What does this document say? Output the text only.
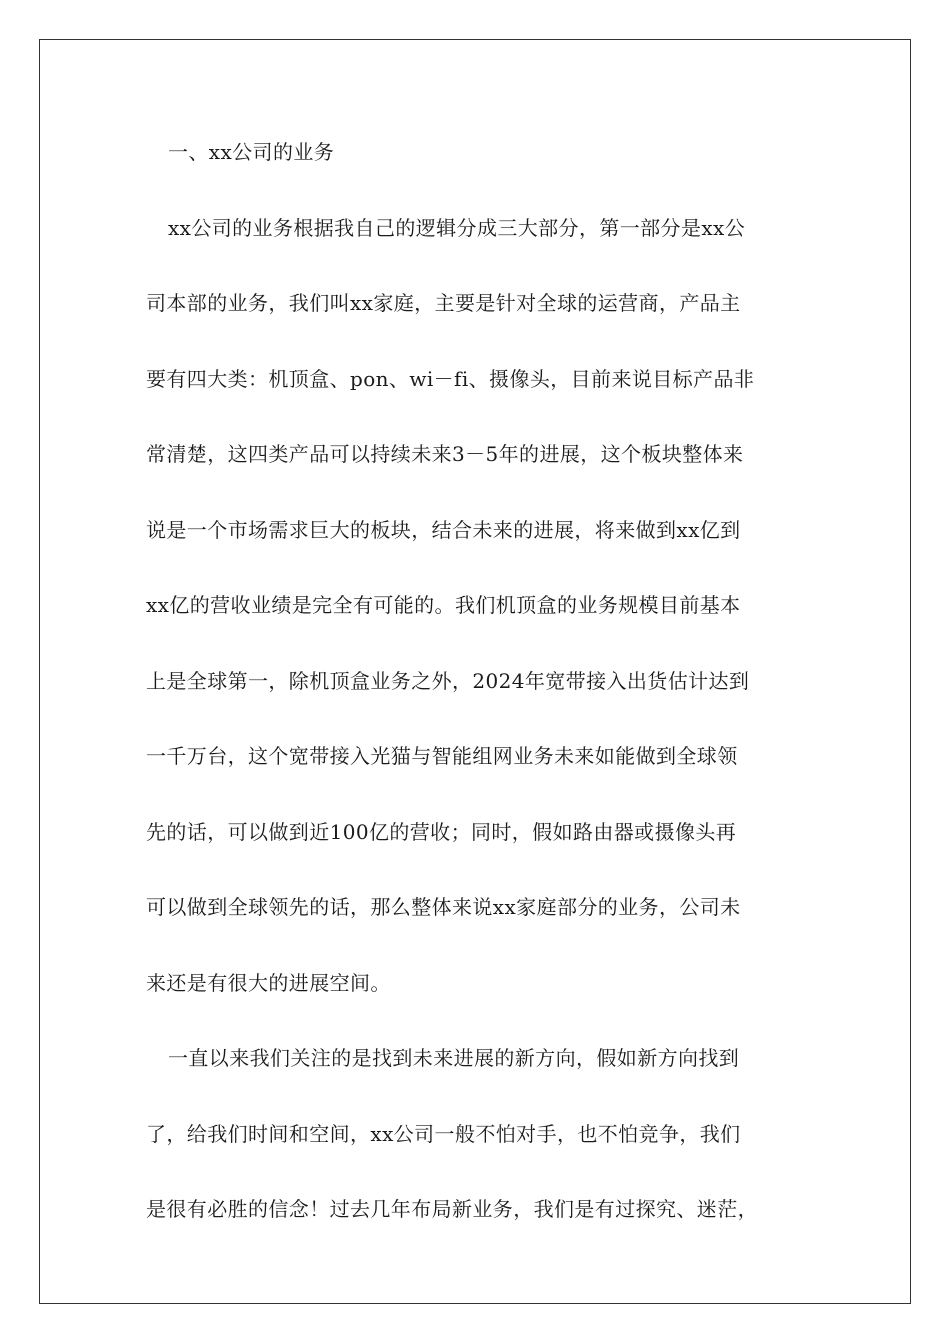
一、xx公司的业务
xx公司的业务根据我自己的逻辑分成三大部分，第一部分是xx公
司本部的业务，我们叫xx家庭，主要是针对全球的运营商，产品主
要有四大类：机顶盒、pon、wi－fi、摄像头，目前来说目标产品非
常清楚，这四类产品可以持续未来3－5年的进展，这个板块整体来
说是一个市场需求巨大的板块，结合未来的进展，将来做到xx亿到
xx亿的营收业绩是完全有可能的。我们机顶盒的业务规模目前基本
上是全球第一，除机顶盒业务之外，2024年宽带接入出货估计达到
一千万台，这个宽带接入光猫与智能组网业务未来如能做到全球领
先的话，可以做到近100亿的营收；同时，假如路由器或摄像头再
可以做到全球领先的话，那么整体来说xx家庭部分的业务，公司未
来还是有很大的进展空间。
一直以来我们关注的是找到未来进展的新方向，假如新方向找到
了，给我们时间和空间，xx公司一般不怕对手，也不怕竞争，我们
是很有必胜的信念！过去几年布局新业务，我们是有过探究、迷茫，
